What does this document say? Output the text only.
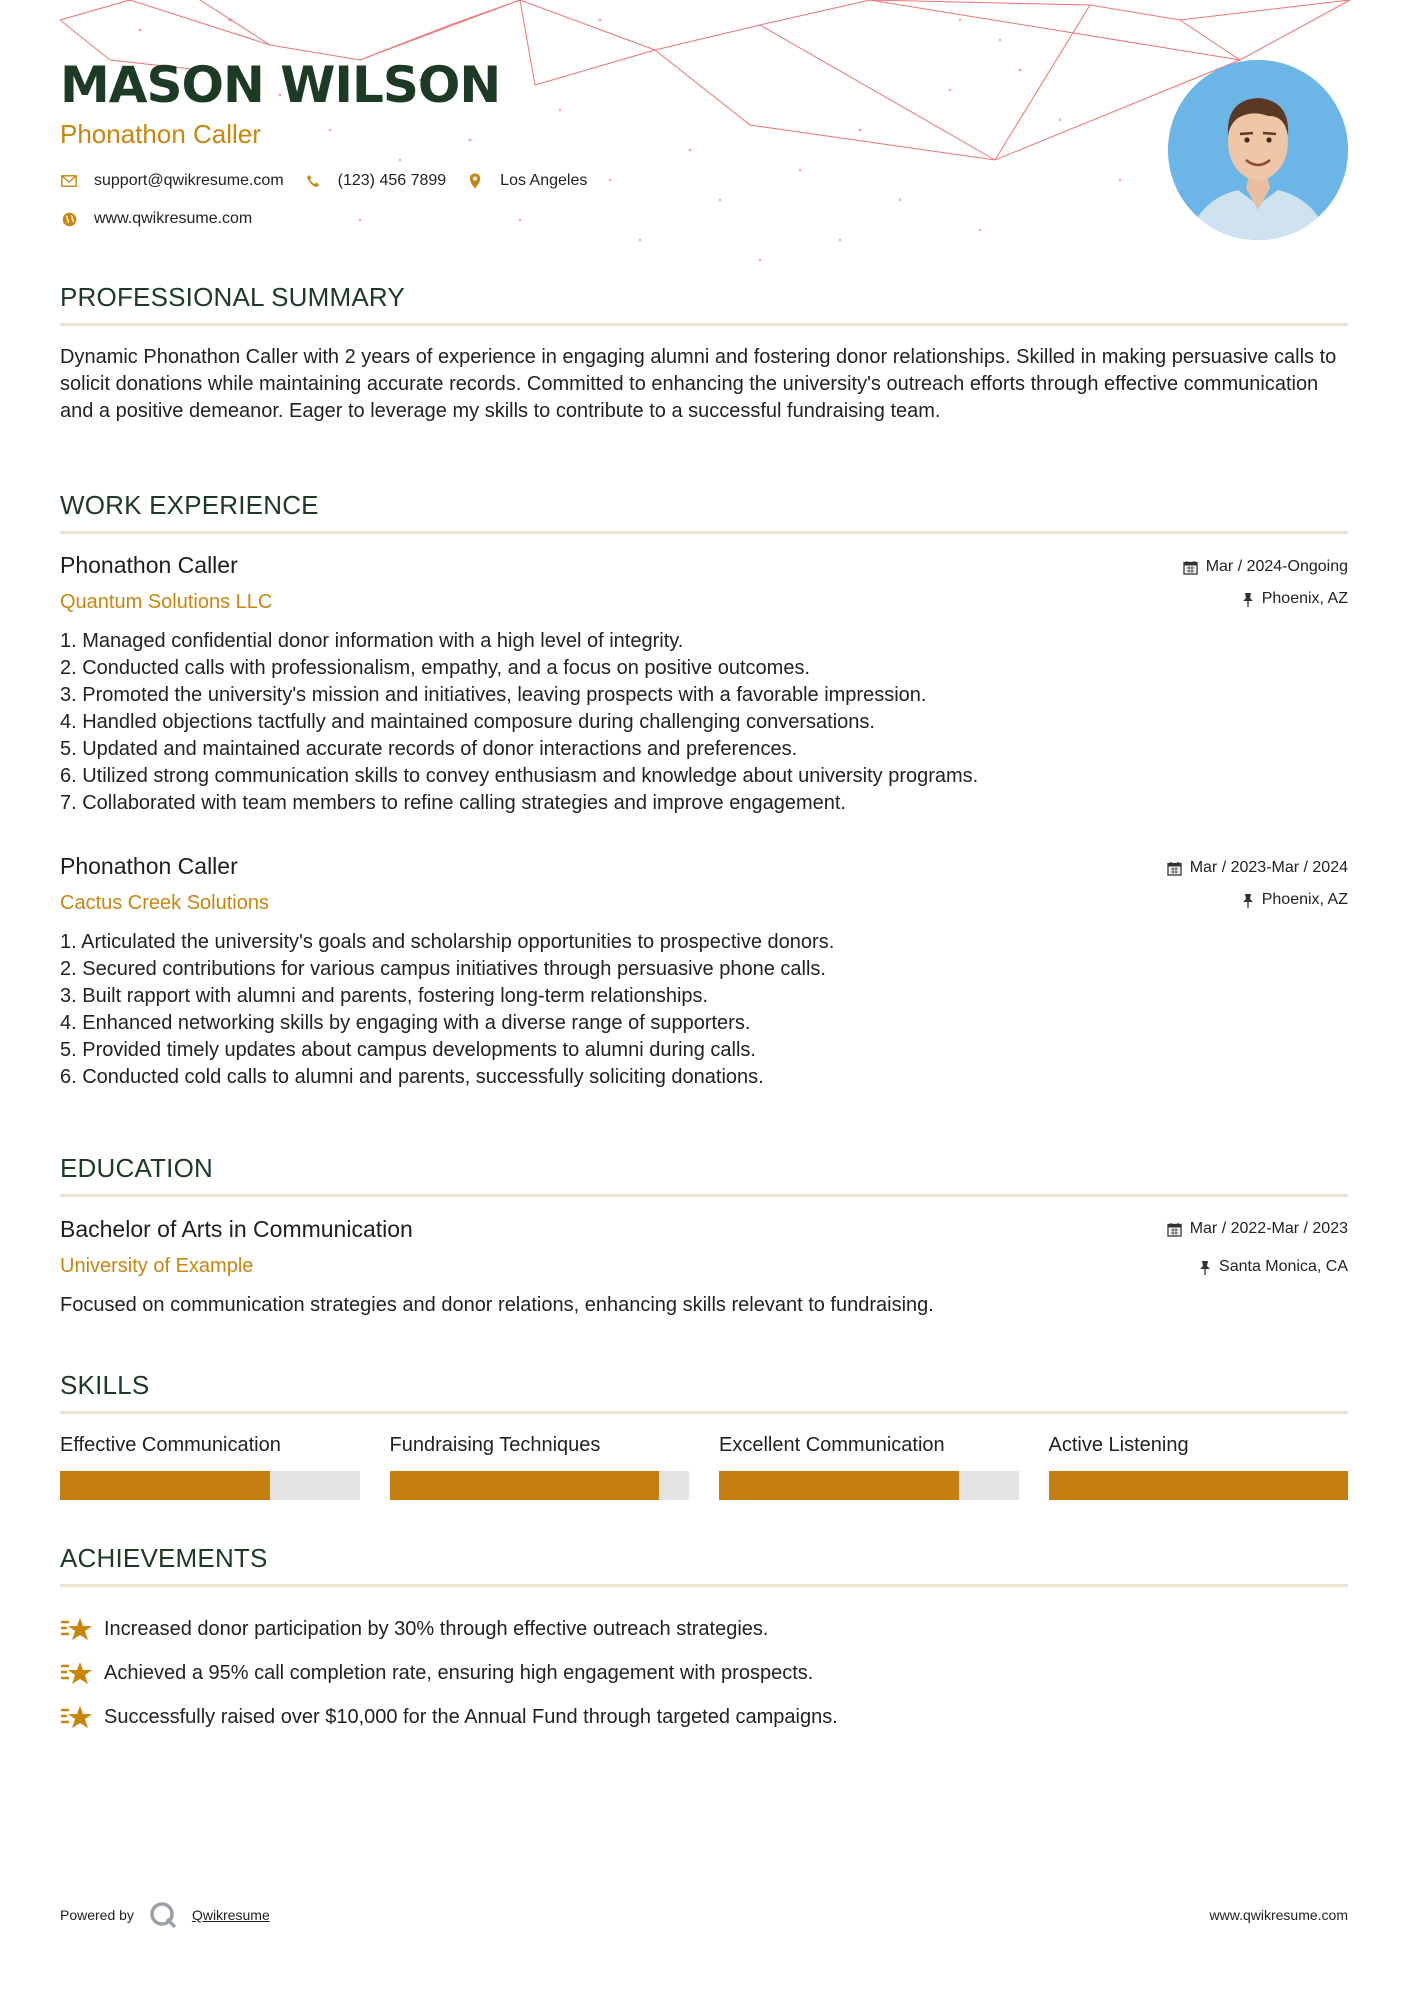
MASON WILSON
Phonathon Caller
support@qwikresume.com	(123) 456 7899	Los Angeles
www.qwikresume.com
PROFESSIONAL SUMMARY
Dynamic Phonathon Caller with 2 years of experience in engaging alumni and fostering donor relationships. Skilled in making persuasive calls to solicit donations while maintaining accurate records. Committed to enhancing the university's outreach efforts through effective communication and a positive demeanor. Eager to leverage my skills to contribute to a successful fundraising team.
WORK EXPERIENCE
Phonathon Caller
Quantum Solutions LLC
Mar / 2024-Ongoing
Phoenix, AZ
1. Managed confidential donor information with a high level of integrity.
2. Conducted calls with professionalism, empathy, and a focus on positive outcomes.
3. Promoted the university's mission and initiatives, leaving prospects with a favorable impression.
4. Handled objections tactfully and maintained composure during challenging conversations.
5. Updated and maintained accurate records of donor interactions and preferences.
6. Utilized strong communication skills to convey enthusiasm and knowledge about university programs.
7. Collaborated with team members to refine calling strategies and improve engagement.
Phonathon Caller
Cactus Creek Solutions
Mar / 2023-Mar / 2024
Phoenix, AZ
1. Articulated the university's goals and scholarship opportunities to prospective donors.
2. Secured contributions for various campus initiatives through persuasive phone calls.
3. Built rapport with alumni and parents, fostering long-term relationships.
4. Enhanced networking skills by engaging with a diverse range of supporters.
5. Provided timely updates about campus developments to alumni during calls.
6. Conducted cold calls to alumni and parents, successfully soliciting donations.
EDUCATION
Bachelor of Arts in Communication
University of Example
Mar / 2022-Mar / 2023
Santa Monica, CA
Focused on communication strategies and donor relations, enhancing skills relevant to fundraising.
SKILLS
Effective Communication	Fundraising Techniques	Excellent Communication	Active Listening
ACHIEVEMENTS
Increased donor participation by 30% through effective outreach strategies.
Achieved a 95% call completion rate, ensuring high engagement with prospects.
Successfully raised over $10,000 for the Annual Fund through targeted campaigns.
Powered by	Qwikresume	www.qwikresume.com
